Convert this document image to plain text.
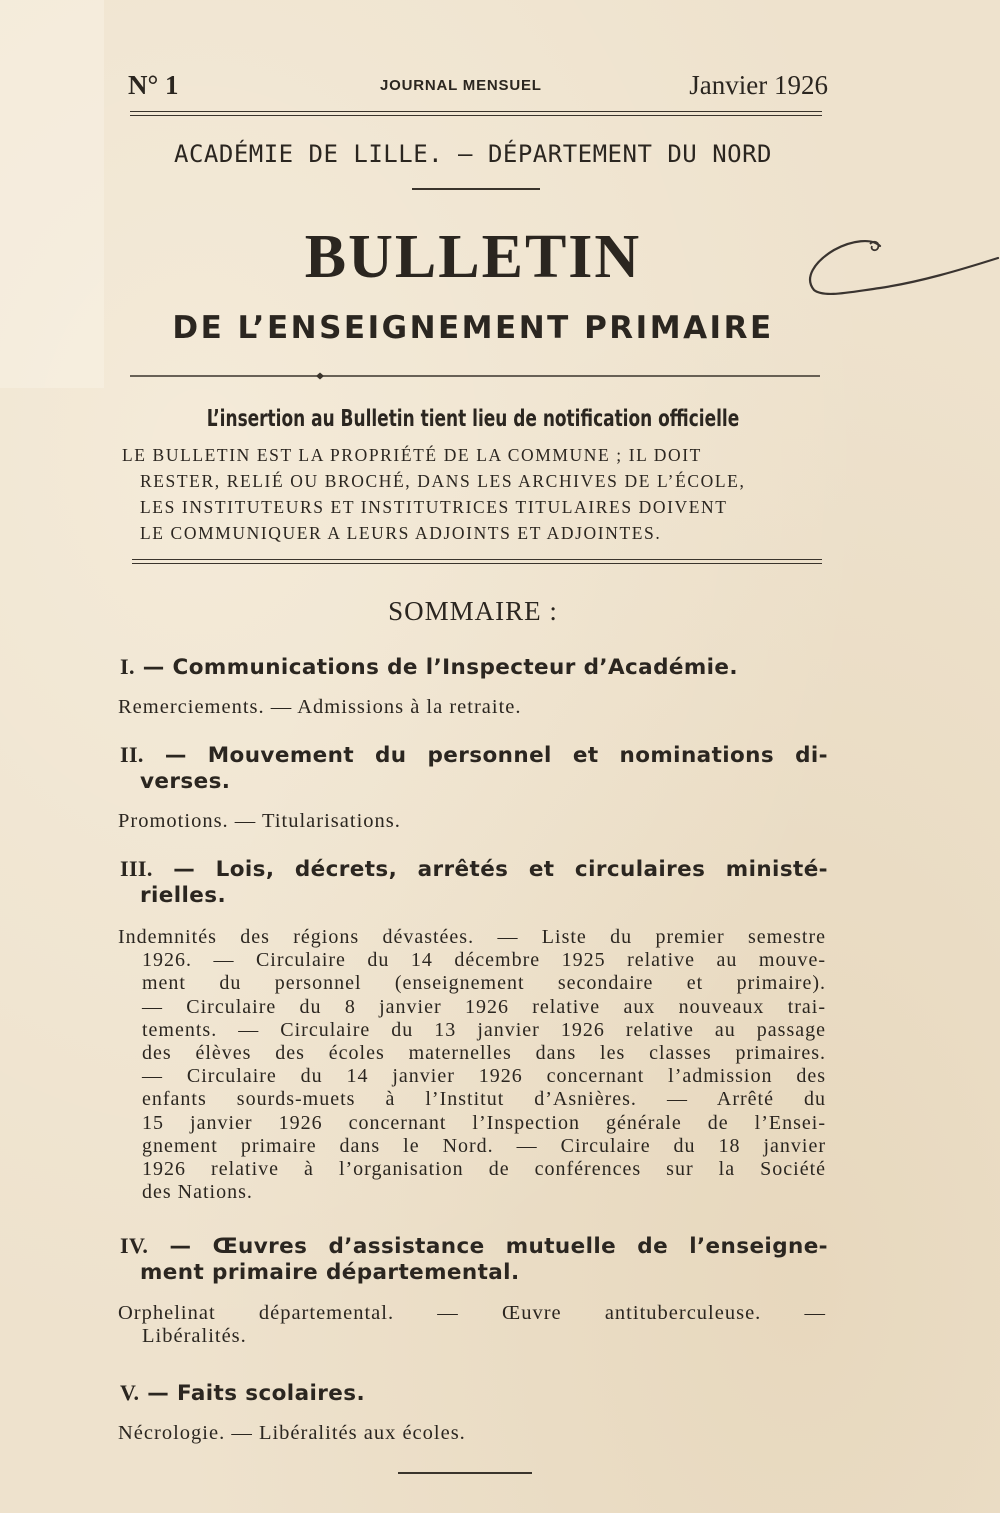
N° 1	JOURNAL MENSUEL	Janvier 1926
ACADÉMIE DE LILLE. – DÉPARTEMENT DU NORD
BULLETIN
DE L’ENSEIGNEMENT PRIMAIRE
L’insertion au Bulletin tient lieu de notification officielle
LE BULLETIN EST LA PROPRIÉTÉ DE LA COMMUNE ; IL DOIT
RESTER, RELIÉ OU BROCHÉ, DANS LES ARCHIVES DE L’ÉCOLE,
LES INSTITUTEURS ET INSTITUTRICES TITULAIRES DOIVENT
LE COMMUNIQUER A LEURS ADJOINTS ET ADJOINTES.
SOMMAIRE :
I. — Communications de l’Inspecteur d’Académie.
Remerciements. — Admissions à la retraite.
II. — Mouvement du personnel et nominations di-
verses.
Promotions. — Titularisations.
III. — Lois, décrets, arrêtés et circulaires ministé-
rielles.
Indemnités des régions dévastées. — Liste du premier semestre
1926. — Circulaire du 14 décembre 1925 relative au mouve-
ment du personnel (enseignement secondaire et primaire).
— Circulaire du 8 janvier 1926 relative aux nouveaux trai-
tements. — Circulaire du 13 janvier 1926 relative au passage
des élèves des écoles maternelles dans les classes primaires.
— Circulaire du 14 janvier 1926 concernant l’admission des
enfants sourds-muets à l’Institut d’Asnières. — Arrêté du
15 janvier 1926 concernant l’Inspection générale de l’Ensei-
gnement primaire dans le Nord. — Circulaire du 18 janvier
1926 relative à l’organisation de conférences sur la Société
des Nations.
IV. — Œuvres d’assistance mutuelle de l’enseigne-
ment primaire départemental.
Orphelinat départemental. — Œuvre antituberculeuse. —
Libéralités.
V. — Faits scolaires.
Nécrologie. — Libéralités aux écoles.
